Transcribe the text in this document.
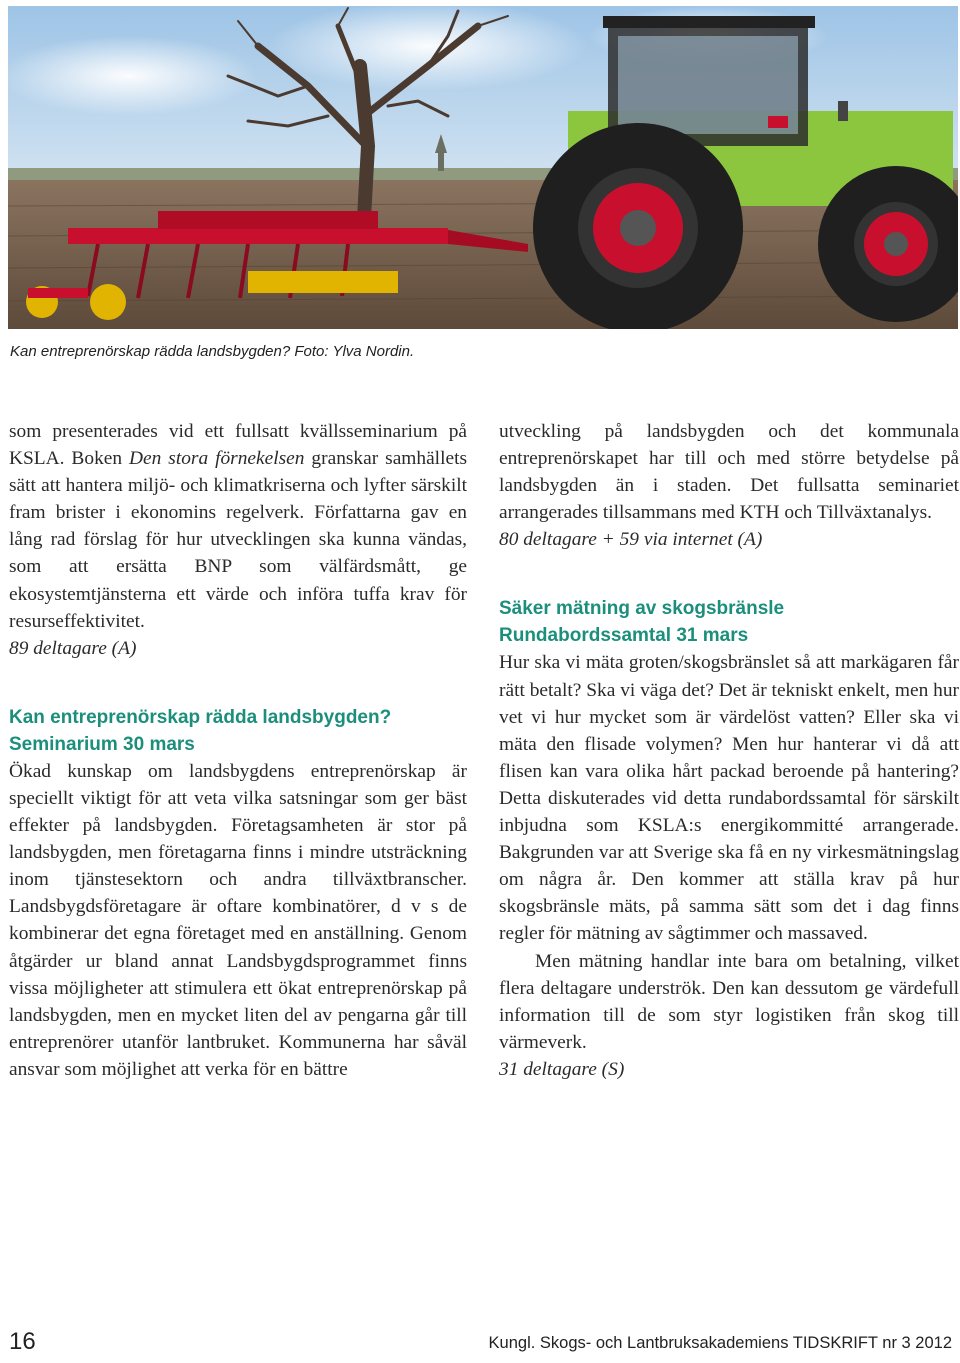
Kan entreprenörskap rädda landsbygden? Foto: Ylva Nordin.

som presenterades vid ett fullsatt kvällsseminarium på KSLA. Boken Den stora förnekelsen granskar samhällets sätt att hantera miljö- och klimatkriserna och lyfter särskilt fram brister i ekonomins regelverk. Författarna gav en lång rad förslag för hur utvecklingen ska kunna vändas, som att ersätta BNP som välfärdsmått, ge ekosystemtjänsterna ett värde och införa tuffa krav för resurseffektivitet.

89 deltagare (A)

Kan entreprenörskap rädda landsbygden?
Seminarium 30 mars

Ökad kunskap om landsbygdens entreprenörskap är speciellt viktigt för att veta vilka satsningar som ger bäst effekter på landsbygden. Företagsamheten är stor på landsbygden, men företagarna finns i mindre utsträckning inom tjänstesektorn och andra tillväxtbranscher. Landsbygdsföretagare är oftare kombinatörer, d v s de kombinerar det egna företaget med en anställning. Genom åtgärder ur bland annat Landsbygdsprogrammet finns vissa möjligheter att stimulera ett ökat entreprenörskap på landsbygden, men en mycket liten del av pengarna går till entreprenörer utanför lantbruket. Kommunerna har såväl ansvar som möjlighet att verka för en bättre

utveckling på landsbygden och det kommunala entreprenörskapet har till och med större betydelse på landsbygden än i staden. Det fullsatta seminariet arrangerades tillsammans med KTH och Tillväxtanalys.

80 deltagare + 59 via internet (A)

Säker mätning av skogsbränsle
Rundabordssamtal 31 mars

Hur ska vi mäta groten/skogsbränslet så att markägaren får rätt betalt? Ska vi väga det? Det är tekniskt enkelt, men hur vet vi hur mycket som är värdelöst vatten? Eller ska vi mäta den flisade volymen? Men hur hanterar vi då att flisen kan vara olika hårt packad beroende på hantering? Detta diskuterades vid detta rundabordssamtal för särskilt inbjudna som KSLA:s energikommitté arrangerade. Bakgrunden var att Sverige ska få en ny virkesmätningslag om några år. Den kommer att ställa krav på hur skogsbränsle mäts, på samma sätt som det i dag finns regler för mätning av sågtimmer och massaved.

Men mätning handlar inte bara om betalning, vilket flera deltagare underströk. Den kan dessutom ge värdefull information till de som styr logistiken från skog till värmeverk.

31 deltagare (S)

16	Kungl. Skogs- och Lantbruksakademiens TIDSKRIFT nr 3 2012
